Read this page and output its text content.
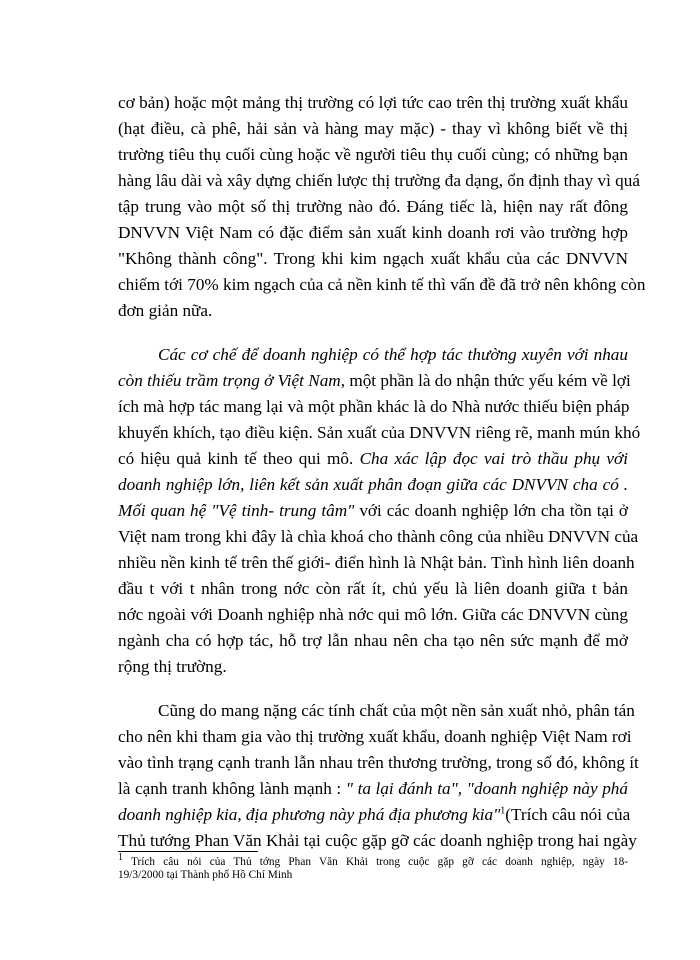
cơ bản) hoặc một mảng thị trường có lợi tức cao trên thị trường xuất khẩu
(hạt điều, cà phê, hải sản và hàng may mặc) - thay vì không biết về thị
trường tiêu thụ cuối cùng hoặc về người tiêu thụ cuối cùng; có những bạn
hàng lâu dài và xây dựng chiến lược thị trường đa dạng, ổn định thay vì quá
tập trung vào một số thị trường nào đó. Đáng tiếc là, hiện nay rất đông
DNVVN Việt Nam có đặc điểm sản xuất kinh doanh rơi vào trường hợp
"Không thành công". Trong khi kim ngạch xuất khẩu của các DNVVN
chiếm tới 70% kim ngạch của cả nền kinh tế thì vấn đề đã trở nên không còn
đơn giản nữa.
Các cơ chế để doanh nghiệp có thể hợp tác thường xuyên với nhau
còn thiếu trầm trọng ở Việt Nam, một phần là do nhận thức yếu kém về lợi
ích mà hợp tác mang lại và một phần khác là do Nhà nước thiếu biện pháp
khuyến khích, tạo điều kiện. Sản xuất của DNVVN riêng rẽ, manh mún khó
có hiệu quả kinh tế theo qui mô. Cha xác lập đọc vai trò thầu phụ với
doanh nghiệp lớn, liên kết sản xuất phân đoạn giữa các DNVVN cha có .
Mối quan hệ "Vệ tinh- trung tâm" với các doanh nghiệp lớn cha tồn tại ở
Việt nam trong khi đây là chìa khoá cho thành công của nhiều DNVVN của
nhiều nền kinh tế trên thế giới- điển hình là Nhật bản. Tình hình liên doanh
đầu t với t nhân trong nớc còn rất ít, chủ yếu là liên doanh giữa t bản
nớc ngoài với Doanh nghiệp nhà nớc qui mô lớn. Giữa các DNVVN cùng
ngành cha có hợp tác, hỗ trợ lẫn nhau nên cha tạo nên sức mạnh để mở
rộng thị trường.
Cũng do mang nặng các tính chất của một nền sản xuất nhỏ, phân tán
cho nên khi tham gia vào thị trường xuất khẩu, doanh nghiệp Việt Nam rơi
vào tình trạng cạnh tranh lẫn nhau trên thương trường, trong số đó, không ít
là cạnh tranh không lành mạnh : " ta lại đánh ta", "doanh nghiệp này phá
doanh nghiệp kia, địa phương này phá địa phương kia"$^1$(Trích câu nói của
Thủ tướng Phan Văn Khải tại cuộc gặp gỡ các doanh nghiệp trong hai ngày
$^1$ Trích câu nói của Thủ tớng Phan Văn Khải trong cuộc gặp gỡ các doanh nghiệp, ngày 18-
19/3/2000 tại Thành phố Hồ Chí Minh
